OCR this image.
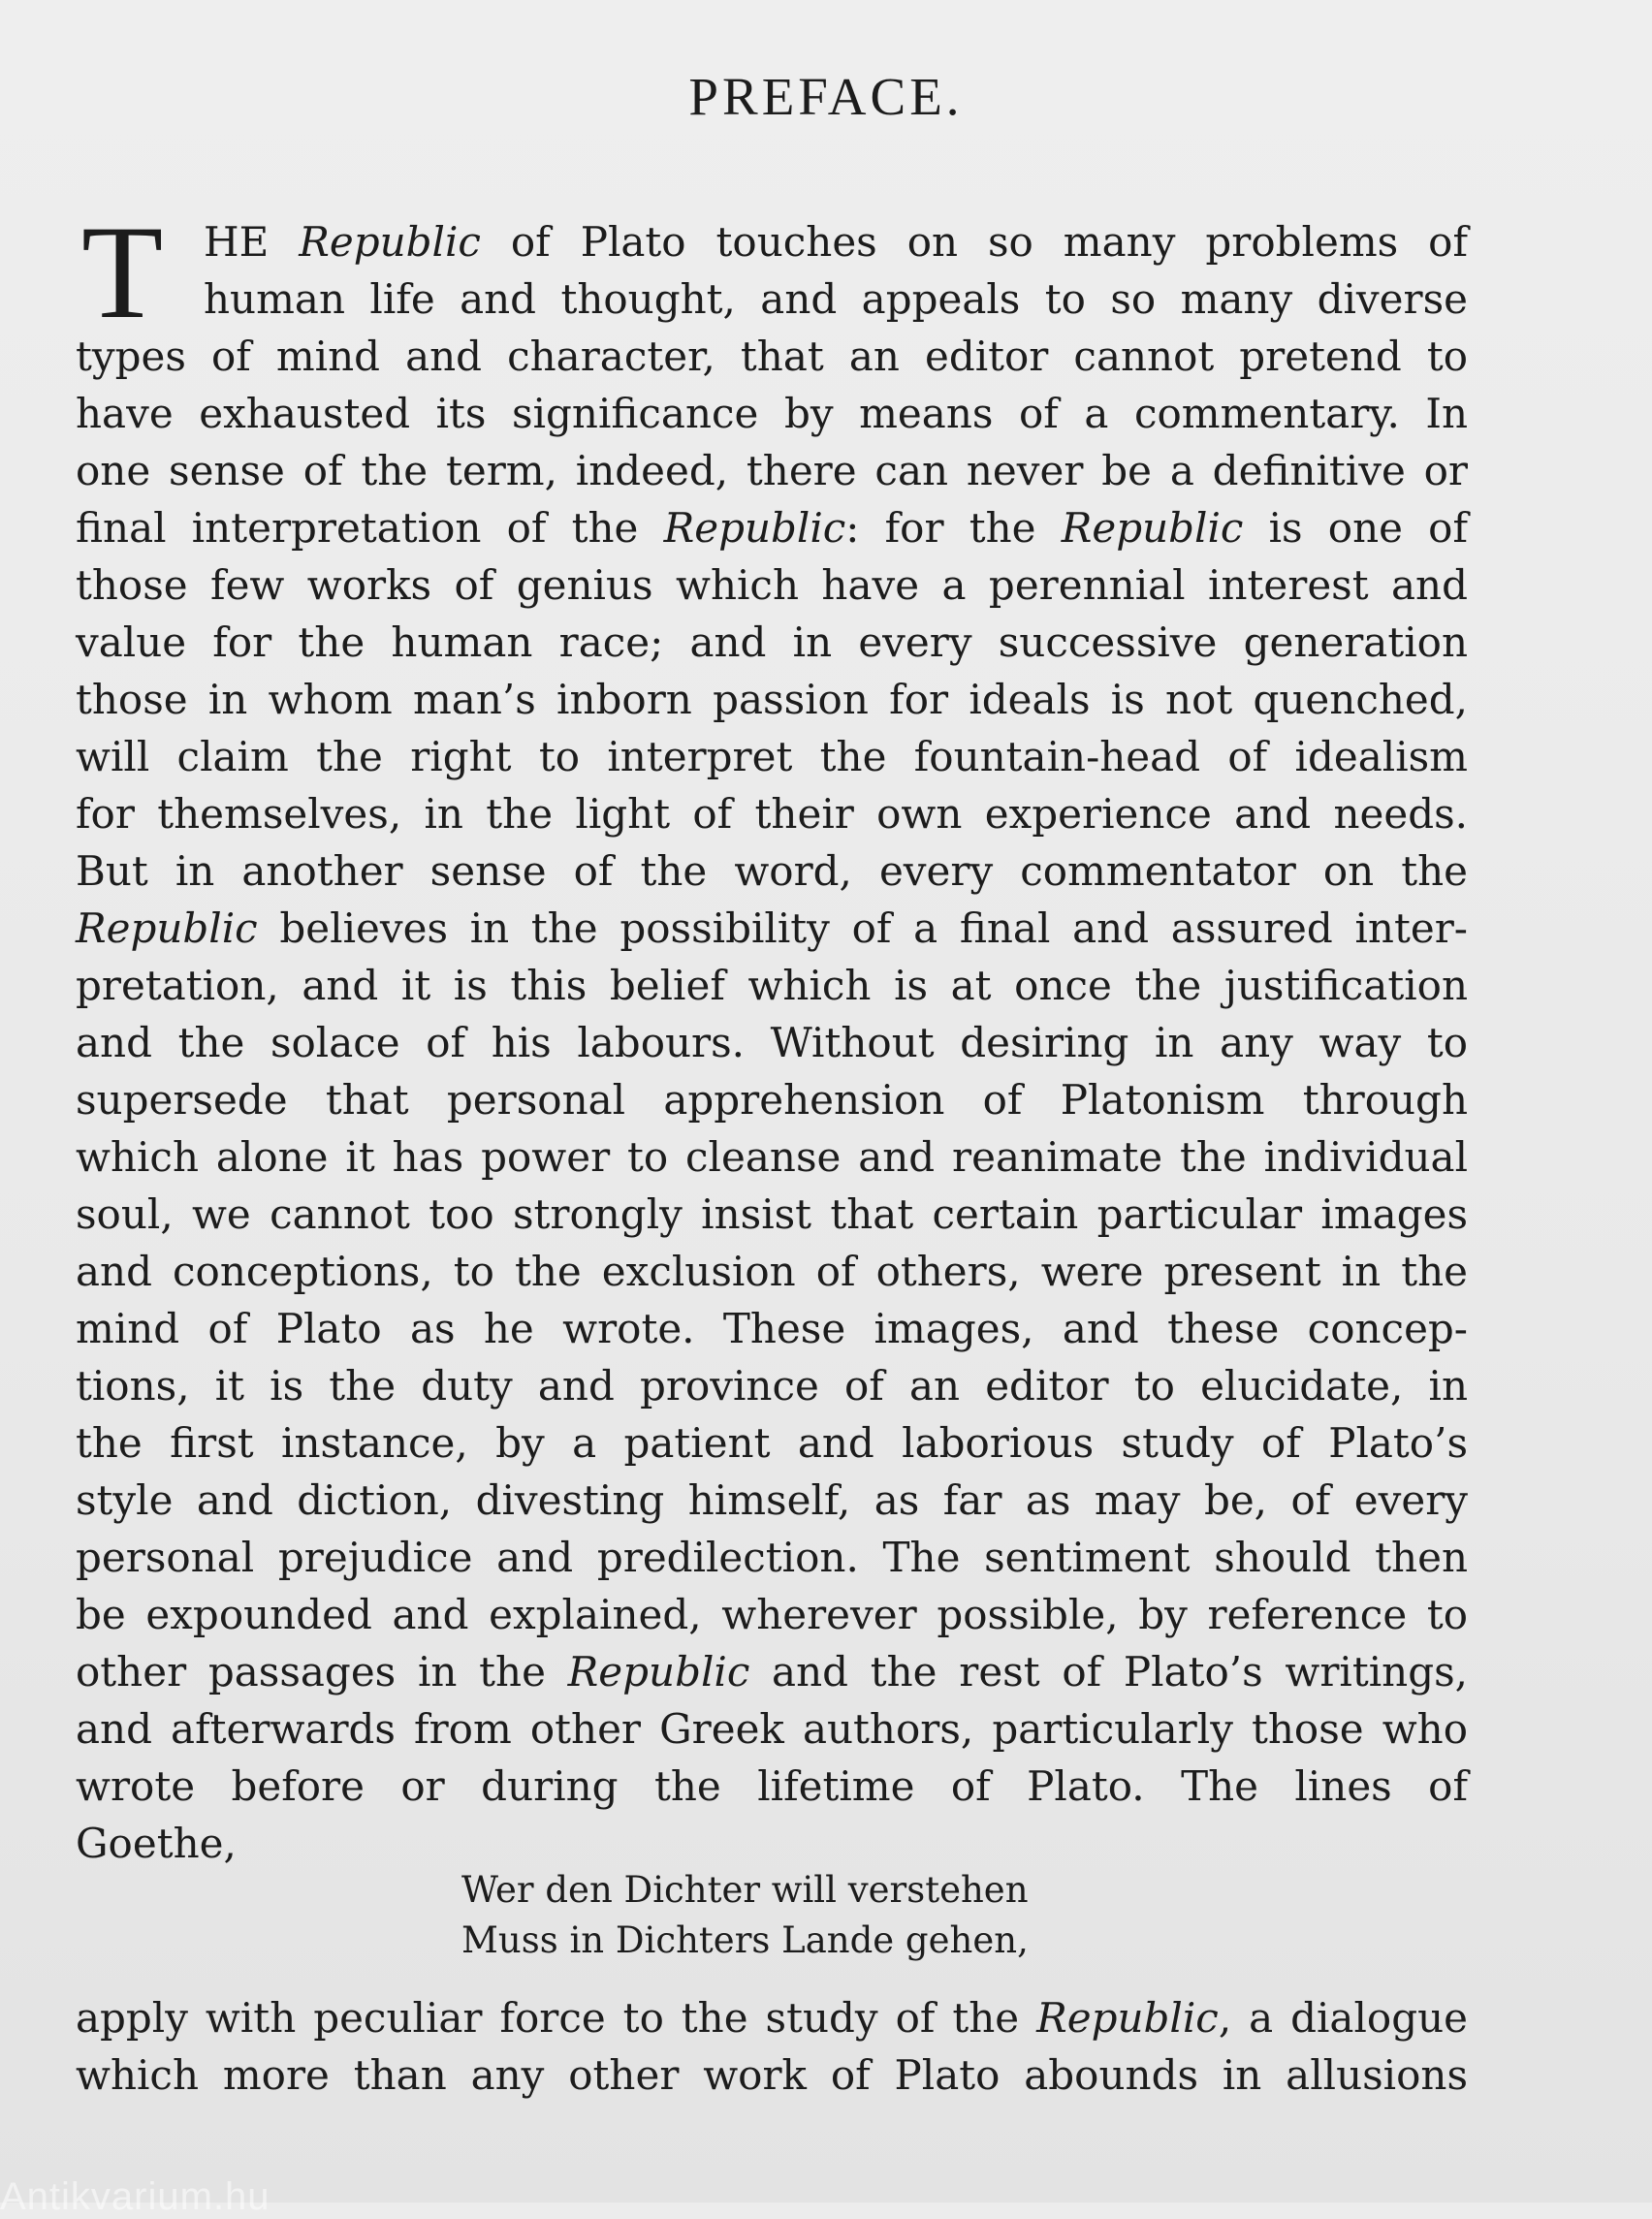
PREFACE.
T HE Republic of Plato touches on so many problems of
human life and thought, and appeals to so many diverse
types of mind and character, that an editor cannot pretend to
have exhausted its significance by means of a commentary. In
one sense of the term, indeed, there can never be a definitive or
final interpretation of the Republic: for the Republic is one of
those few works of genius which have a perennial interest and
value for the human race; and in every successive generation
those in whom man’s inborn passion for ideals is not quenched,
will claim the right to interpret the fountain-head of idealism
for themselves, in the light of their own experience and needs.
But in another sense of the word, every commentator on the
Republic believes in the possibility of a final and assured inter-
pretation, and it is this belief which is at once the justification
and the solace of his labours. Without desiring in any way to
supersede that personal apprehension of Platonism through
which alone it has power to cleanse and reanimate the individual
soul, we cannot too strongly insist that certain particular images
and conceptions, to the exclusion of others, were present in the
mind of Plato as he wrote. These images, and these concep-
tions, it is the duty and province of an editor to elucidate, in
the first instance, by a patient and laborious study of Plato’s
style and diction, divesting himself, as far as may be, of every
personal prejudice and predilection. The sentiment should then
be expounded and explained, wherever possible, by reference to
other passages in the Republic and the rest of Plato’s writings,
and afterwards from other Greek authors, particularly those who
wrote before or during the lifetime of Plato. The lines of
Goethe,
Wer den Dichter will verstehen
Muss in Dichters Lande gehen,
apply with peculiar force to the study of the Republic, a dialogue
which more than any other work of Plato abounds in allusions
Antikvarium.hu
